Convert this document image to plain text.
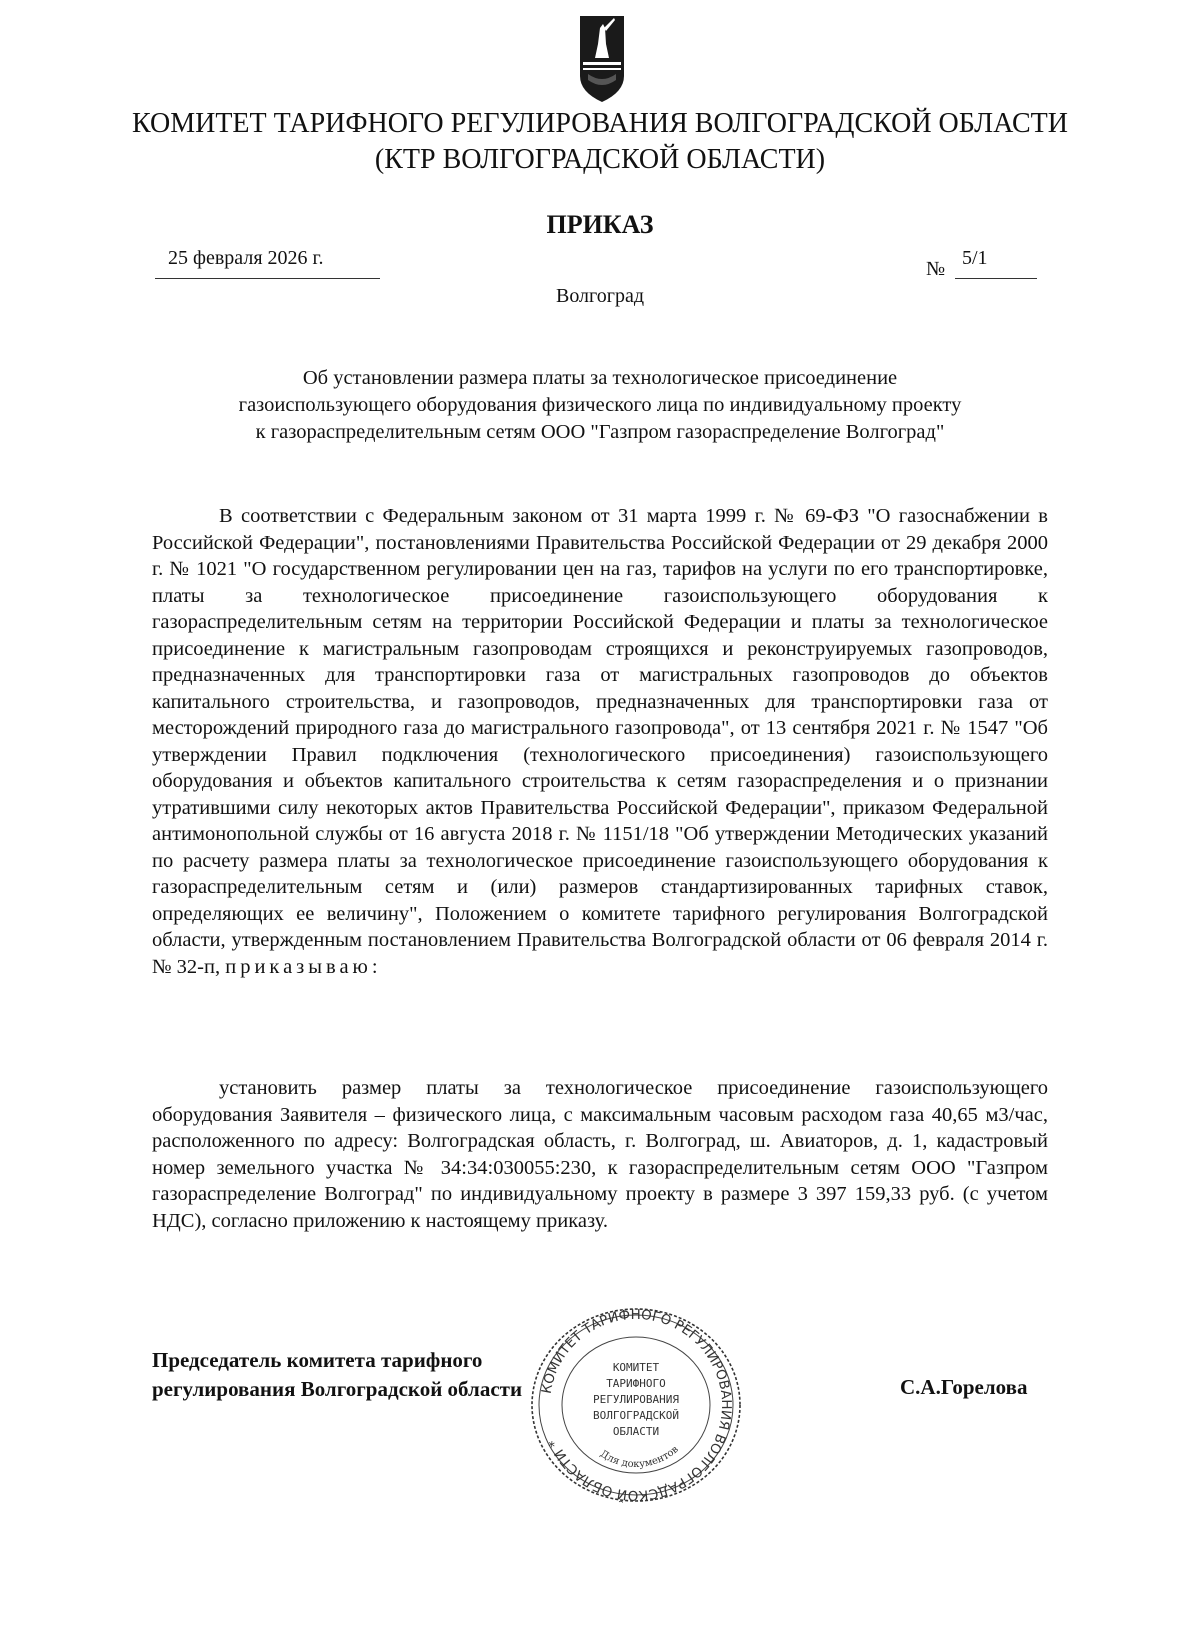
КОМИТЕТ ТАРИФНОГО РЕГУЛИРОВАНИЯ ВОЛГОГРАДСКОЙ ОБЛАСТИ
(КТР ВОЛГОГРАДСКОЙ ОБЛАСТИ)
ПРИКАЗ
25 февраля 2026 г.	№ 5/1
Волгоград
Об установлении размера платы за технологическое присоединение
газоиспользующего оборудования физического лица по индивидуальному проекту
к газораспределительным сетям ООО "Газпром газораспределение Волгоград"
В соответствии с Федеральным законом от 31 марта 1999 г. № 69-ФЗ "О газоснабжении в Российской Федерации", постановлениями Правительства Российской Федерации от 29 декабря 2000 г. № 1021 "О государственном регулировании цен на газ, тарифов на услуги по его транспортировке, платы за технологическое присоединение газоиспользующего оборудования к газораспределительным сетям на территории Российской Федерации и платы за технологическое присоединение к магистральным газопроводам строящихся и реконструируемых газопроводов, предназначенных для транспортировки газа от магистральных газопроводов до объектов капитального строительства, и газопроводов, предназначенных для транспортировки газа от месторождений природного газа до магистрального газопровода", от 13 сентября 2021 г. № 1547 "Об утверждении Правил подключения (технологического присоединения) газоиспользующего оборудования и объектов капитального строительства к сетям газораспределения и о признании утратившими силу некоторых актов Правительства Российской Федерации", приказом Федеральной антимонопольной службы от 16 августа 2018 г. № 1151/18 "Об утверждении Методических указаний по расчету размера платы за технологическое присоединение газоиспользующего оборудования к газораспределительным сетям и (или) размеров стандартизированных тарифных ставок, определяющих ее величину", Положением о комитете тарифного регулирования Волгоградской области, утвержденным постановлением Правительства Волгоградской области от 06 февраля 2014 г. № 32-п, приказываю:
установить размер платы за технологическое присоединение газоиспользующего оборудования Заявителя – физического лица, с максимальным часовым расходом газа 40,65 м3/час, расположенного по адресу: Волгоградская область, г. Волгоград, ш. Авиаторов, д. 1, кадастровый номер земельного участка № 34:34:030055:230, к газораспределительным сетям ООО "Газпром газораспределение Волгоград" по индивидуальному проекту в размере 3 397 159,33 руб. (с учетом НДС), согласно приложению к настоящему приказу.
Председатель комитета тарифного
регулирования Волгоградской области	С.А.Горелова
КОМИТЕТ ТАРИФНОГО РЕГУЛИРОВАНИЯ ВОЛГОГРАДСКОЙ ОБЛАСТИ *
КОМИТЕТ
ТАРИФНОГО
РЕГУЛИРОВАНИЯ
ВОЛГОГРАДСКОЙ
ОБЛАСТИ
Для документов
